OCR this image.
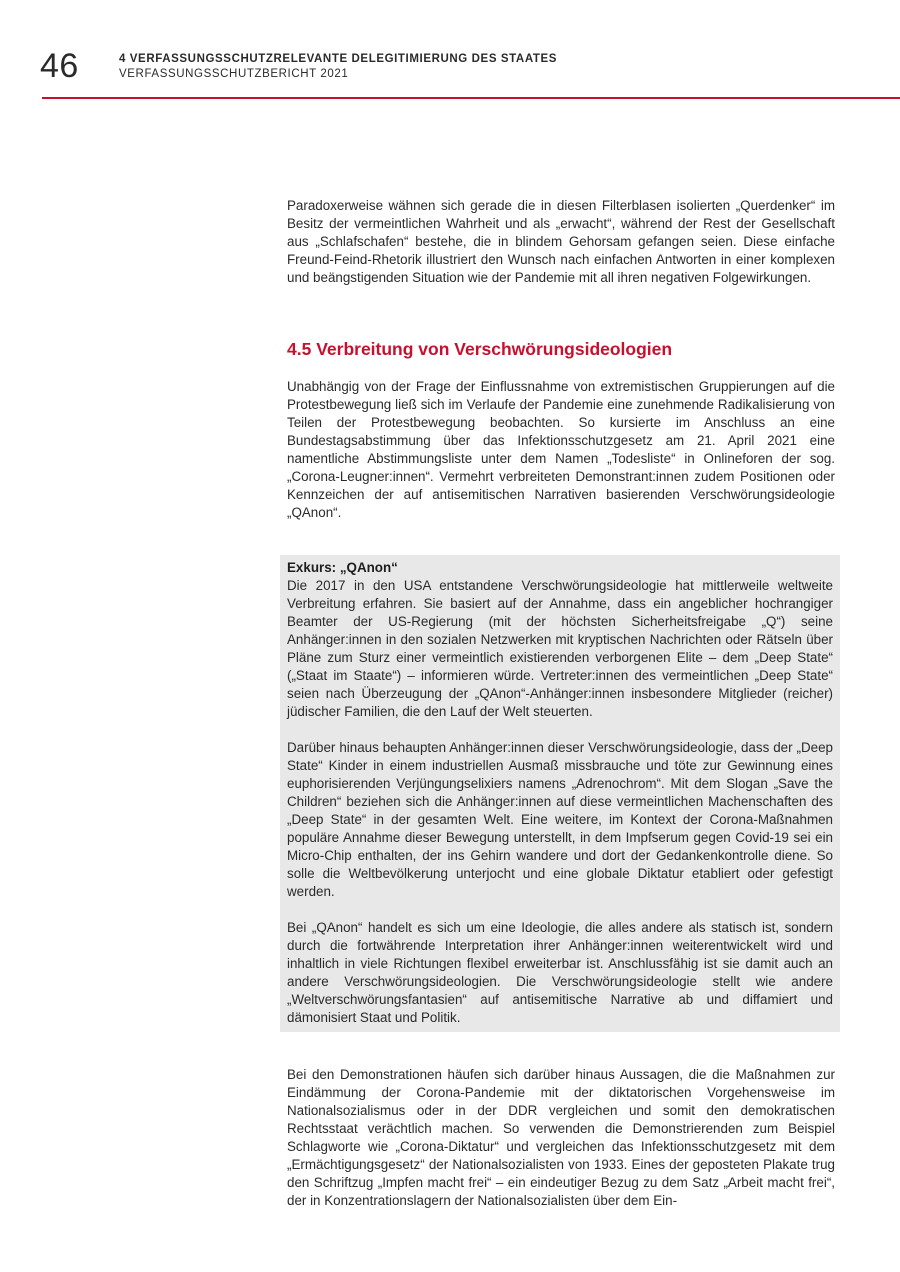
46	4 VERFASSUNGSSCHUTZRELEVANTE DELEGITIMIERUNG DES STAATES
VERFASSUNGSSCHUTZBERICHT 2021

Paradoxerweise wähnen sich gerade die in diesen Filterblasen isolierten „Querdenker“ im Besitz der vermeintlichen Wahrheit und als „erwacht“, während der Rest der Gesellschaft aus „Schlafschafen“ bestehe, die in blindem Gehorsam gefangen seien. Diese einfache Freund-Feind-Rhetorik illustriert den Wunsch nach einfachen Antworten in einer komplexen und beängstigenden Situation wie der Pandemie mit all ihren negativen Folgewirkungen.

4.5 Verbreitung von Verschwörungsideologien

Unabhängig von der Frage der Einflussnahme von extremistischen Gruppierungen auf die Protestbewegung ließ sich im Verlaufe der Pandemie eine zunehmende Radikalisierung von Teilen der Protestbewegung beobachten. So kursierte im Anschluss an eine Bundestagsabstimmung über das Infektionsschutzgesetz am 21. April 2021 eine namentliche Abstimmungsliste unter dem Namen „Todesliste“ in Onlineforen der sog. „Corona-Leugner:innen“. Vermehrt verbreiteten Demonstrant:innen zudem Positionen oder Kennzeichen der auf antisemitischen Narrativen basierenden Verschwörungsideologie „QAnon“.

Exkurs: „QAnon“

Die 2017 in den USA entstandene Verschwörungsideologie hat mittlerweile weltweite Verbreitung erfahren. Sie basiert auf der Annahme, dass ein angeblicher hochrangiger Beamter der US-Regierung (mit der höchsten Sicherheitsfreigabe „Q“) seine Anhänger:innen in den sozialen Netzwerken mit kryptischen Nachrichten oder Rätseln über Pläne zum Sturz einer vermeintlich existierenden verborgenen Elite – dem „Deep State“ („Staat im Staate“) – informieren würde. Vertreter:innen des vermeintlichen „Deep State“ seien nach Überzeugung der „QAnon“-Anhänger:innen insbesondere Mitglieder (reicher) jüdischer Familien, die den Lauf der Welt steuerten.

Darüber hinaus behaupten Anhänger:innen dieser Verschwörungsideologie, dass der „Deep State“ Kinder in einem industriellen Ausmaß missbrauche und töte zur Gewinnung eines euphorisierenden Verjüngungselixiers namens „Adrenochrom“. Mit dem Slogan „Save the Children“ beziehen sich die Anhänger:innen auf diese vermeintlichen Machenschaften des „Deep State“ in der gesamten Welt. Eine weitere, im Kontext der Corona-Maßnahmen populäre Annahme dieser Bewegung unterstellt, in dem Impfserum gegen Covid-19 sei ein Micro-Chip enthalten, der ins Gehirn wandere und dort der Gedankenkontrolle diene. So solle die Weltbevölkerung unterjocht und eine globale Diktatur etabliert oder gefestigt werden.

Bei „QAnon“ handelt es sich um eine Ideologie, die alles andere als statisch ist, sondern durch die fortwährende Interpretation ihrer Anhänger:innen weiterentwickelt wird und inhaltlich in viele Richtungen flexibel erweiterbar ist. Anschlussfähig ist sie damit auch an andere Verschwörungsideologien. Die Verschwörungsideologie stellt wie andere „Weltverschwörungsfantasien“ auf antisemitische Narrative ab und diffamiert und dämonisiert Staat und Politik.

Bei den Demonstrationen häufen sich darüber hinaus Aussagen, die die Maßnahmen zur Eindämmung der Corona-Pandemie mit der diktatorischen Vorgehensweise im Nationalsozialismus oder in der DDR vergleichen und somit den demokratischen Rechtsstaat verächtlich machen. So verwenden die Demonstrierenden zum Beispiel Schlagworte wie „Corona-Diktatur“ und vergleichen das Infektionsschutzgesetz mit dem „Ermächtigungsgesetz“ der Nationalsozialisten von 1933. Eines der geposteten Plakate trug den Schriftzug „Impfen macht frei“ – ein eindeutiger Bezug zu dem Satz „Arbeit macht frei“, der in Konzentrationslagern der Nationalsozialisten über dem Ein-
